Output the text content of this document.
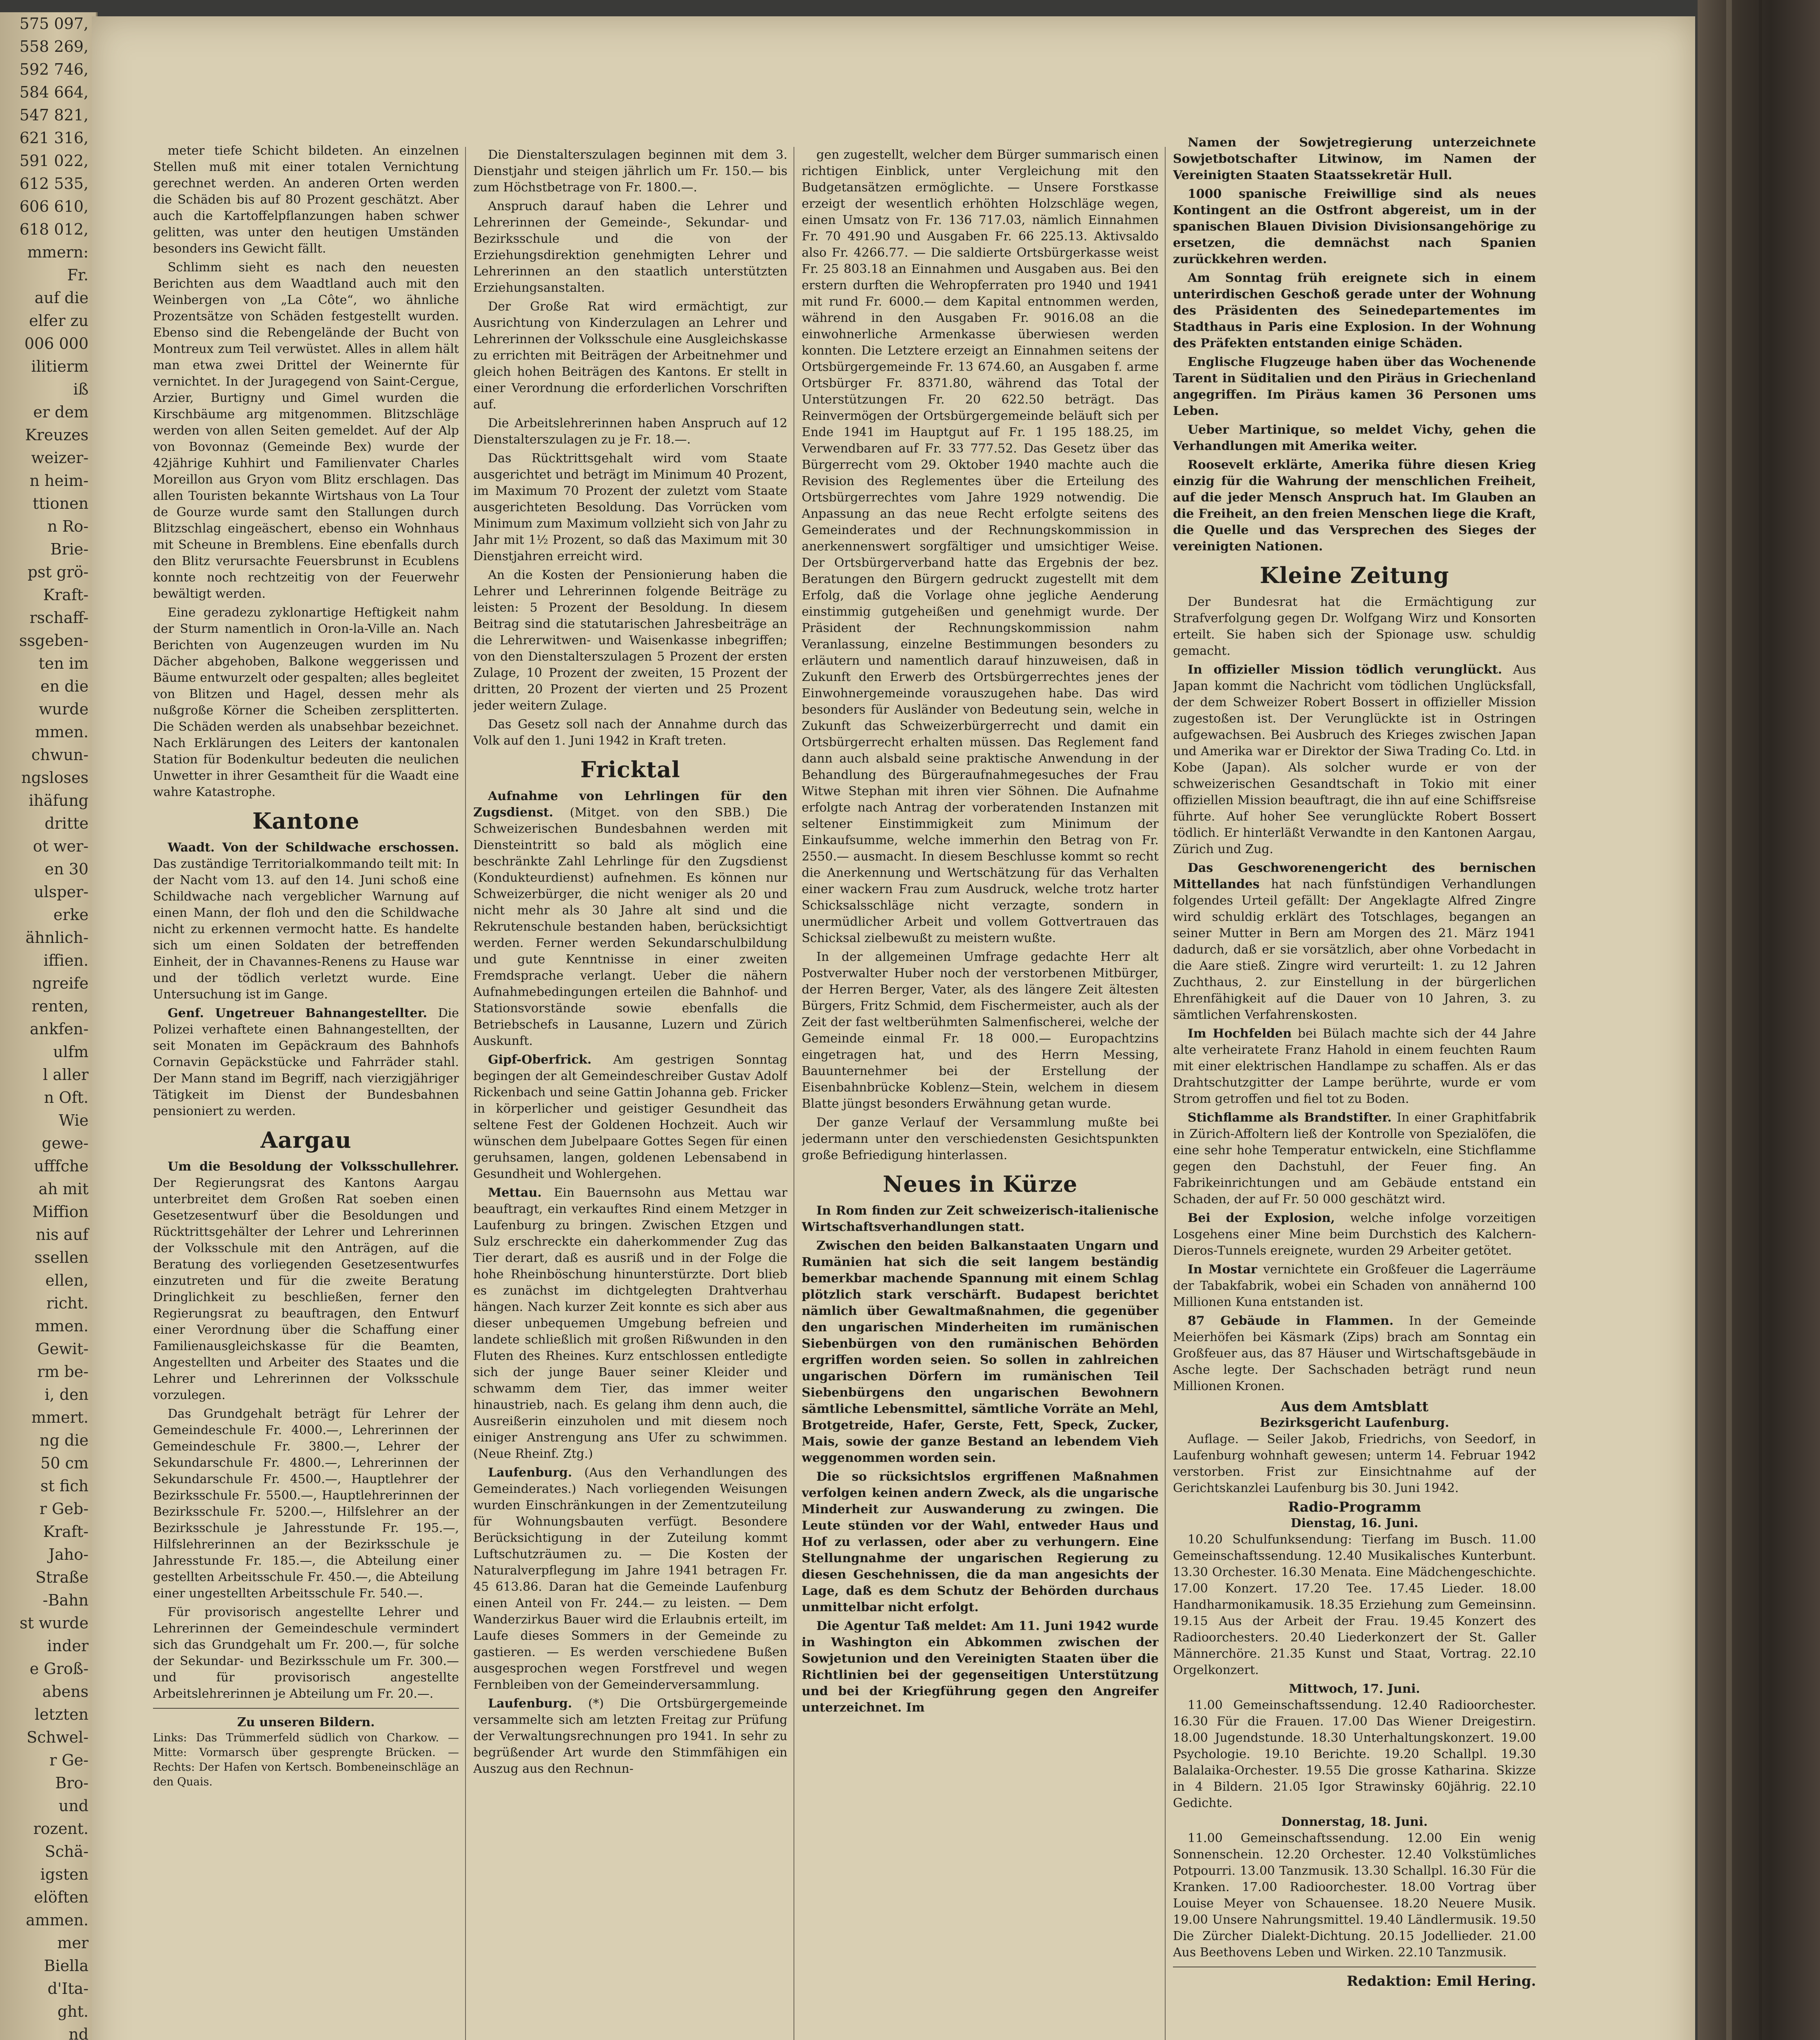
575 097,
558 269,
592 746,
584 664,
547 821,
621 316,
591 022,
612 535,
606 610,
618 012,
mmern:
Fr.
auf die
elfer zu
006 000
ilitierm
iß
er dem
Kreuzes
weizer-
n heim-
ttionen
n Ro-
Brie-
pst grö-
Kraft-
rschaff-
ssgeben-
ten im
en die
wurde
mmen.
chwun-
ngsloses
ihäfung
dritte
ot wer-
en 30
ulsper-
erke
ähnlich-
iffien.
ngreife
renten,
ankfen-
ulfm
l aller
n Oft.
Wie
gewe-
ufffche
ah mit
Miffion
nis auf
ssellen
ellen,
richt.
mmen.
Gewit-
rm be-
i, den
mmert.
ng die
50 cm
st fich
r Geb-
Kraft-
Jaho-
Straße
-Bahn
st wurde
inder
e Groß-
abens
letzten
Schwel-
r Ge-
Bro-
und
rozent.
Schä-
igsten
elöften
ammen.
mer
Biella
d'Ita-
ght.
nd

meter tiefe Schicht bildeten. An einzelnen Stellen muß mit einer totalen Vernichtung gerechnet werden. An anderen Orten werden die Schäden bis auf 80 Prozent geschätzt. Aber auch die Kartoffelpflanzungen haben schwer gelitten, was unter den heutigen Umständen besonders ins Gewicht fällt.

Schlimm sieht es nach den neuesten Berichten aus dem Waadtland auch mit den Weinbergen von „La Côte“, wo ähnliche Prozentsätze von Schäden festgestellt wurden. Ebenso sind die Rebengelände der Bucht von Montreux zum Teil verwüstet. Alles in allem hält man etwa zwei Drittel der Weinernte für vernichtet. In der Juragegend von Saint-Cergue, Arzier, Burtigny und Gimel wurden die Kirschbäume arg mitgenommen. Blitzschläge werden von allen Seiten gemeldet. Auf der Alp von Bovonnaz (Gemeinde Bex) wurde der 42jährige Kuhhirt und Familienvater Charles Moreillon aus Gryon vom Blitz erschlagen. Das allen Touristen bekannte Wirtshaus von La Tour de Gourze wurde samt den Stallungen durch Blitzschlag eingeäschert, ebenso ein Wohnhaus mit Scheune in Bremblens. Eine ebenfalls durch den Blitz verursachte Feuersbrunst in Ecublens konnte noch rechtzeitig von der Feuerwehr bewältigt werden.

Eine geradezu zyklonartige Heftigkeit nahm der Sturm namentlich in Oron-la-Ville an. Nach Berichten von Augenzeugen wurden im Nu Dächer abgehoben, Balkone weggerissen und Bäume entwurzelt oder gespalten; alles begleitet von Blitzen und Hagel, dessen mehr als nußgroße Körner die Scheiben zersplitterten. Die Schäden werden als unabsehbar bezeichnet. Nach Erklärungen des Leiters der kantonalen Station für Bodenkultur bedeuten die neulichen Unwetter in ihrer Gesamtheit für die Waadt eine wahre Katastrophe.

Kantone

Waadt. Von der Schildwache erschossen. Das zuständige Territorialkommando teilt mit: In der Nacht vom 13. auf den 14. Juni schoß eine Schildwache nach vergeblicher Warnung auf einen Mann, der floh und den die Schildwache nicht zu erkennen vermocht hatte. Es handelte sich um einen Soldaten der betreffenden Einheit, der in Chavannes-Renens zu Hause war und der tödlich verletzt wurde. Eine Untersuchung ist im Gange.

Genf. Ungetreuer Bahnangestellter. Die Polizei verhaftete einen Bahnangestellten, der seit Monaten im Gepäckraum des Bahnhofs Cornavin Gepäckstücke und Fahrräder stahl. Der Mann stand im Begriff, nach vierzigjähriger Tätigkeit im Dienst der Bundesbahnen pensioniert zu werden.

Aargau

Um die Besoldung der Volksschullehrer. Der Regierungsrat des Kantons Aargau unterbreitet dem Großen Rat soeben einen Gesetzesentwurf über die Besoldungen und Rücktrittsgehälter der Lehrer und Lehrerinnen der Volksschule mit den Anträgen, auf die Beratung des vorliegenden Gesetzesentwurfes einzutreten und für die zweite Beratung Dringlichkeit zu beschließen, ferner den Regierungsrat zu beauftragen, den Entwurf einer Verordnung über die Schaffung einer Familienausgleichskasse für die Beamten, Angestellten und Arbeiter des Staates und die Lehrer und Lehrerinnen der Volksschule vorzulegen.

Das Grundgehalt beträgt für Lehrer der Gemeindeschule Fr. 4000.—, Lehrerinnen der Gemeindeschule Fr. 3800.—, Lehrer der Sekundarschule Fr. 4800.—, Lehrerinnen der Sekundarschule Fr. 4500.—, Hauptlehrer der Bezirksschule Fr. 5500.—, Hauptlehrerinnen der Bezirksschule Fr. 5200.—, Hilfslehrer an der Bezirksschule je Jahresstunde Fr. 195.—, Hilfslehrerinnen an der Bezirksschule je Jahresstunde Fr. 185.—, die Abteilung einer gestellten Arbeitsschule Fr. 450.—, die Abteilung einer ungestellten Arbeitsschule Fr. 540.—.

Für provisorisch angestellte Lehrer und Lehrerinnen der Gemeindeschule vermindert sich das Grundgehalt um Fr. 200.—, für solche der Sekundar- und Bezirksschule um Fr. 300.— und für provisorisch angestellte Arbeitslehrerinnen je Abteilung um Fr. 20.—.

Zu unseren Bildern.
Links: Das Trümmerfeld südlich von Charkow. — Mitte: Vormarsch über gesprengte Brücken. — Rechts: Der Hafen von Kertsch. Bombeneinschläge an den Quais.

Die Dienstalterszulagen beginnen mit dem 3. Dienstjahr und steigen jährlich um Fr. 150.— bis zum Höchstbetrage von Fr. 1800.—.

Anspruch darauf haben die Lehrer und Lehrerinnen der Gemeinde-, Sekundar- und Bezirksschule und die von der Erziehungsdirektion genehmigten Lehrer und Lehrerinnen an den staatlich unterstützten Erziehungsanstalten.

Der Große Rat wird ermächtigt, zur Ausrichtung von Kinderzulagen an Lehrer und Lehrerinnen der Volksschule eine Ausgleichskasse zu errichten mit Beiträgen der Arbeitnehmer und gleich hohen Beiträgen des Kantons. Er stellt in einer Verordnung die erforderlichen Vorschriften auf.

Die Arbeitslehrerinnen haben Anspruch auf 12 Dienstalterszulagen zu je Fr. 18.—.

Das Rücktrittsgehalt wird vom Staate ausgerichtet und beträgt im Minimum 40 Prozent, im Maximum 70 Prozent der zuletzt vom Staate ausgerichteten Besoldung. Das Vorrücken vom Minimum zum Maximum vollzieht sich von Jahr zu Jahr mit 1½ Prozent, so daß das Maximum mit 30 Dienstjahren erreicht wird.

An die Kosten der Pensionierung haben die Lehrer und Lehrerinnen folgende Beiträge zu leisten: 5 Prozent der Besoldung. In diesem Beitrag sind die statutarischen Jahresbeiträge an die Lehrerwitwen- und Waisenkasse inbegriffen; von den Dienstalterszulagen 5 Prozent der ersten Zulage, 10 Prozent der zweiten, 15 Prozent der dritten, 20 Prozent der vierten und 25 Prozent jeder weitern Zulage.

Das Gesetz soll nach der Annahme durch das Volk auf den 1. Juni 1942 in Kraft treten.

Fricktal

Aufnahme von Lehrlingen für den Zugsdienst. (Mitget. von den SBB.) Die Schweizerischen Bundesbahnen werden mit Diensteintritt so bald als möglich eine beschränkte Zahl Lehrlinge für den Zugsdienst (Kondukteurdienst) aufnehmen. Es können nur Schweizerbürger, die nicht weniger als 20 und nicht mehr als 30 Jahre alt sind und die Rekrutenschule bestanden haben, berücksichtigt werden. Ferner werden Sekundarschulbildung und gute Kenntnisse in einer zweiten Fremdsprache verlangt. Ueber die nähern Aufnahmebedingungen erteilen die Bahnhof- und Stationsvorstände sowie ebenfalls die Betriebschefs in Lausanne, Luzern und Zürich Auskunft.

Gipf-Oberfrick. Am gestrigen Sonntag begingen der alt Gemeindeschreiber Gustav Adolf Rickenbach und seine Gattin Johanna geb. Fricker in körperlicher und geistiger Gesundheit das seltene Fest der Goldenen Hochzeit. Auch wir wünschen dem Jubelpaare Gottes Segen für einen geruhsamen, langen, goldenen Lebensabend in Gesundheit und Wohlergehen.

Mettau. Ein Bauernsohn aus Mettau war beauftragt, ein verkauftes Rind einem Metzger in Laufenburg zu bringen. Zwischen Etzgen und Sulz erschreckte ein daherkommender Zug das Tier derart, daß es ausriß und in der Folge die hohe Rheinböschung hinunterstürzte. Dort blieb es zunächst im dichtgelegten Drahtverhau hängen. Nach kurzer Zeit konnte es sich aber aus dieser unbequemen Umgebung befreien und landete schließlich mit großen Rißwunden in den Fluten des Rheines. Kurz entschlossen entledigte sich der junge Bauer seiner Kleider und schwamm dem Tier, das immer weiter hinaustrieb, nach. Es gelang ihm denn auch, die Ausreißerin einzuholen und mit diesem noch einiger Anstrengung ans Ufer zu schwimmen. (Neue Rheinf. Ztg.)

Laufenburg. (Aus den Verhandlungen des Gemeinderates.) Nach vorliegenden Weisungen wurden Einschränkungen in der Zementzuteilung für Wohnungsbauten verfügt. Besondere Berücksichtigung in der Zuteilung kommt Luftschutzräumen zu. — Die Kosten der Naturalverpflegung im Jahre 1941 betragen Fr. 45 613.86. Daran hat die Gemeinde Laufenburg einen Anteil von Fr. 244.— zu leisten. — Dem Wanderzirkus Bauer wird die Erlaubnis erteilt, im Laufe dieses Sommers in der Gemeinde zu gastieren. — Es werden verschiedene Bußen ausgesprochen wegen Forstfrevel und wegen Fernbleiben von der Gemeinderversammlung.

Laufenburg. (*) Die Ortsbürgergemeinde versammelte sich am letzten Freitag zur Prüfung der Verwaltungsrechnungen pro 1941. In sehr zu begrüßender Art wurde den Stimmfähigen ein Auszug aus den Rechnun-

gen zugestellt, welcher dem Bürger summarisch einen richtigen Einblick, unter Vergleichung mit den Budgetansätzen ermöglichte. — Unsere Forstkasse erzeigt der wesentlich erhöhten Holzschläge wegen, einen Umsatz von Fr. 136 717.03, nämlich Einnahmen Fr. 70 491.90 und Ausgaben Fr. 66 225.13. Aktivsaldo also Fr. 4266.77. — Die saldierte Ortsbürgerkasse weist Fr. 25 803.18 an Einnahmen und Ausgaben aus. Bei den erstern durften die Wehropferraten pro 1940 und 1941 mit rund Fr. 6000.— dem Kapital entnommen werden, während in den Ausgaben Fr. 9016.08 an die einwohnerliche Armenkasse überwiesen werden konnten. Die Letztere erzeigt an Einnahmen seitens der Ortsbürgergemeinde Fr. 13 674.60, an Ausgaben f. arme Ortsbürger Fr. 8371.80, während das Total der Unterstützungen Fr. 20 622.50 beträgt. Das Reinvermögen der Ortsbürgergemeinde beläuft sich per Ende 1941 im Hauptgut auf Fr. 1 195 188.25, im Verwendbaren auf Fr. 33 777.52. Das Gesetz über das Bürgerrecht vom 29. Oktober 1940 machte auch die Revision des Reglementes über die Erteilung des Ortsbürgerrechtes vom Jahre 1929 notwendig. Die Anpassung an das neue Recht erfolgte seitens des Gemeinderates und der Rechnungskommission in anerkennenswert sorgfältiger und umsichtiger Weise. Der Ortsbürgerverband hatte das Ergebnis der bez. Beratungen den Bürgern gedruckt zugestellt mit dem Erfolg, daß die Vorlage ohne jegliche Aenderung einstimmig gutgeheißen und genehmigt wurde. Der Präsident der Rechnungskommission nahm Veranlassung, einzelne Bestimmungen besonders zu erläutern und namentlich darauf hinzuweisen, daß in Zukunft den Erwerb des Ortsbürgerrechtes jenes der Einwohnergemeinde vorauszugehen habe. Das wird besonders für Ausländer von Bedeutung sein, welche in Zukunft das Schweizerbürgerrecht und damit ein Ortsbürgerrecht erhalten müssen. Das Reglement fand dann auch alsbald seine praktische Anwendung in der Behandlung des Bürgeraufnahmegesuches der Frau Witwe Stephan mit ihren vier Söhnen. Die Aufnahme erfolgte nach Antrag der vorberatenden Instanzen mit seltener Einstimmigkeit zum Minimum der Einkaufsumme, welche immerhin den Betrag von Fr. 2550.— ausmacht. In diesem Beschlusse kommt so recht die Anerkennung und Wertschätzung für das Verhalten einer wackern Frau zum Ausdruck, welche trotz harter Schicksalsschläge nicht verzagte, sondern in unermüdlicher Arbeit und vollem Gottvertrauen das Schicksal zielbewußt zu meistern wußte.

In der allgemeinen Umfrage gedachte Herr alt Postverwalter Huber noch der verstorbenen Mitbürger, der Herren Berger, Vater, als des längere Zeit ältesten Bürgers, Fritz Schmid, dem Fischermeister, auch als der Zeit der fast weltberühmten Salmenfischerei, welche der Gemeinde einmal Fr. 18 000.— Europachtzins eingetragen hat, und des Herrn Messing, Bauunternehmer bei der Erstellung der Eisenbahnbrücke Koblenz—Stein, welchem in diesem Blatte jüngst besonders Erwähnung getan wurde.

Der ganze Verlauf der Versammlung mußte bei jedermann unter den verschiedensten Gesichtspunkten große Befriedigung hinterlassen.

Neues in Kürze

In Rom finden zur Zeit schweizerisch-italienische Wirtschaftsverhandlungen statt.

Zwischen den beiden Balkanstaaten Ungarn und Rumänien hat sich die seit langem beständig bemerkbar machende Spannung mit einem Schlag plötzlich stark verschärft. Budapest berichtet nämlich über Gewaltmaßnahmen, die gegenüber den ungarischen Minderheiten im rumänischen Siebenbürgen von den rumänischen Behörden ergriffen worden seien. So sollen in zahlreichen ungarischen Dörfern im rumänischen Teil Siebenbürgens den ungarischen Bewohnern sämtliche Lebensmittel, sämtliche Vorräte an Mehl, Brotgetreide, Hafer, Gerste, Fett, Speck, Zucker, Mais, sowie der ganze Bestand an lebendem Vieh weggenommen worden sein.

Die so rücksichtslos ergriffenen Maßnahmen verfolgen keinen andern Zweck, als die ungarische Minderheit zur Auswanderung zu zwingen. Die Leute stünden vor der Wahl, entweder Haus und Hof zu verlassen, oder aber zu verhungern. Eine Stellungnahme der ungarischen Regierung zu diesen Geschehnissen, die da man angesichts der Lage, daß es dem Schutz der Behörden durchaus unmittelbar nicht erfolgt.

Die Agentur Taß meldet: Am 11. Juni 1942 wurde in Washington ein Abkommen zwischen der Sowjetunion und den Vereinigten Staaten über die Richtlinien bei der gegenseitigen Unterstützung und bei der Kriegführung gegen den Angreifer unterzeichnet. Im

Namen der Sowjetregierung unterzeichnete Sowjetbotschafter Litwinow, im Namen der Vereinigten Staaten Staatssekretär Hull.

1000 spanische Freiwillige sind als neues Kontingent an die Ostfront abgereist, um in der spanischen Blauen Division Divisionsangehörige zu ersetzen, die demnächst nach Spanien zurückkehren werden.

Am Sonntag früh ereignete sich in einem unterirdischen Geschoß gerade unter der Wohnung des Präsidenten des Seinedepartementes im Stadthaus in Paris eine Explosion. In der Wohnung des Präfekten entstanden einige Schäden.

Englische Flugzeuge haben über das Wochenende Tarent in Süditalien und den Piräus in Griechenland angegriffen. Im Piräus kamen 36 Personen ums Leben.

Ueber Martinique, so meldet Vichy, gehen die Verhandlungen mit Amerika weiter.

Roosevelt erklärte, Amerika führe diesen Krieg einzig für die Wahrung der menschlichen Freiheit, auf die jeder Mensch Anspruch hat. Im Glauben an die Freiheit, an den freien Menschen liege die Kraft, die Quelle und das Versprechen des Sieges der vereinigten Nationen.

Kleine Zeitung

Der Bundesrat hat die Ermächtigung zur Strafverfolgung gegen Dr. Wolfgang Wirz und Konsorten erteilt. Sie haben sich der Spionage usw. schuldig gemacht.

In offizieller Mission tödlich verunglückt. Aus Japan kommt die Nachricht vom tödlichen Unglücksfall, der dem Schweizer Robert Bossert in offizieller Mission zugestoßen ist. Der Verunglückte ist in Ostringen aufgewachsen. Bei Ausbruch des Krieges zwischen Japan und Amerika war er Direktor der Siwa Trading Co. Ltd. in Kobe (Japan). Als solcher wurde er von der schweizerischen Gesandtschaft in Tokio mit einer offiziellen Mission beauftragt, die ihn auf eine Schiffsreise führte. Auf hoher See verunglückte Robert Bossert tödlich. Er hinterläßt Verwandte in den Kantonen Aargau, Zürich und Zug.

Das Geschworenengericht des bernischen Mittellandes hat nach fünfstündigen Verhandlungen folgendes Urteil gefällt: Der Angeklagte Alfred Zingre wird schuldig erklärt des Totschlages, begangen an seiner Mutter in Bern am Morgen des 21. März 1941 dadurch, daß er sie vorsätzlich, aber ohne Vorbedacht in die Aare stieß. Zingre wird verurteilt: 1. zu 12 Jahren Zuchthaus, 2. zur Einstellung in der bürgerlichen Ehrenfähigkeit auf die Dauer von 10 Jahren, 3. zu sämtlichen Verfahrenskosten.

Im Hochfelden bei Bülach machte sich der 44 Jahre alte verheiratete Franz Hahold in einem feuchten Raum mit einer elektrischen Handlampe zu schaffen. Als er das Drahtschutzgitter der Lampe berührte, wurde er vom Strom getroffen und fiel tot zu Boden.

Stichflamme als Brandstifter. In einer Graphitfabrik in Zürich-Affoltern ließ der Kontrolle von Spezialöfen, die eine sehr hohe Temperatur entwickeln, eine Stichflamme gegen den Dachstuhl, der Feuer fing. An Fabrikeinrichtungen und am Gebäude entstand ein Schaden, der auf Fr. 50 000 geschätzt wird.

Bei der Explosion, welche infolge vorzeitigen Losgehens einer Mine beim Durchstich des Kalchern-Dieros-Tunnels ereignete, wurden 29 Arbeiter getötet.

In Mostar vernichtete ein Großfeuer die Lagerräume der Tabakfabrik, wobei ein Schaden von annähernd 100 Millionen Kuna entstanden ist.

87 Gebäude in Flammen. In der Gemeinde Meierhöfen bei Käsmark (Zips) brach am Sonntag ein Großfeuer aus, das 87 Häuser und Wirtschaftsgebäude in Asche legte. Der Sachschaden beträgt rund neun Millionen Kronen.

Aus dem Amtsblatt
Bezirksgericht Laufenburg.

Auflage. — Seiler Jakob, Friedrichs, von Seedorf, in Laufenburg wohnhaft gewesen; unterm 14. Februar 1942 verstorben. Frist zur Einsichtnahme auf der Gerichtskanzlei Laufenburg bis 30. Juni 1942.

Radio-Programm
Dienstag, 16. Juni.

10.20 Schulfunksendung: Tierfang im Busch. 11.00 Gemeinschaftssendung. 12.40 Musikalisches Kunterbunt. 13.30 Orchester. 16.30 Menata. Eine Mädchengeschichte. 17.00 Konzert. 17.20 Tee. 17.45 Lieder. 18.00 Handharmonikamusik. 18.35 Erziehung zum Gemeinsinn. 19.15 Aus der Arbeit der Frau. 19.45 Konzert des Radioorchesters. 20.40 Liederkonzert der St. Galler Männerchöre. 21.35 Kunst und Staat, Vortrag. 22.10 Orgelkonzert.

Mittwoch, 17. Juni.

11.00 Gemeinschaftssendung. 12.40 Radioorchester. 16.30 Für die Frauen. 17.00 Das Wiener Dreigestirn. 18.00 Jugendstunde. 18.30 Unterhaltungskonzert. 19.00 Psychologie. 19.10 Berichte. 19.20 Schallpl. 19.30 Balalaika-Orchester. 19.55 Die grosse Katharina. Skizze in 4 Bildern. 21.05 Igor Strawinsky 60jährig. 22.10 Gedichte.

Donnerstag, 18. Juni.

11.00 Gemeinschaftssendung. 12.00 Ein wenig Sonnenschein. 12.20 Orchester. 12.40 Volkstümliches Potpourri. 13.00 Tanzmusik. 13.30 Schallpl. 16.30 Für die Kranken. 17.00 Radioorchester. 18.00 Vortrag über Louise Meyer von Schauensee. 18.20 Neuere Musik. 19.00 Unsere Nahrungsmittel. 19.40 Ländlermusik. 19.50 Die Zürcher Dialekt-Dichtung. 20.15 Jodellieder. 21.00 Aus Beethovens Leben und Wirken. 22.10 Tanzmusik.

Redaktion: Emil Hering.
